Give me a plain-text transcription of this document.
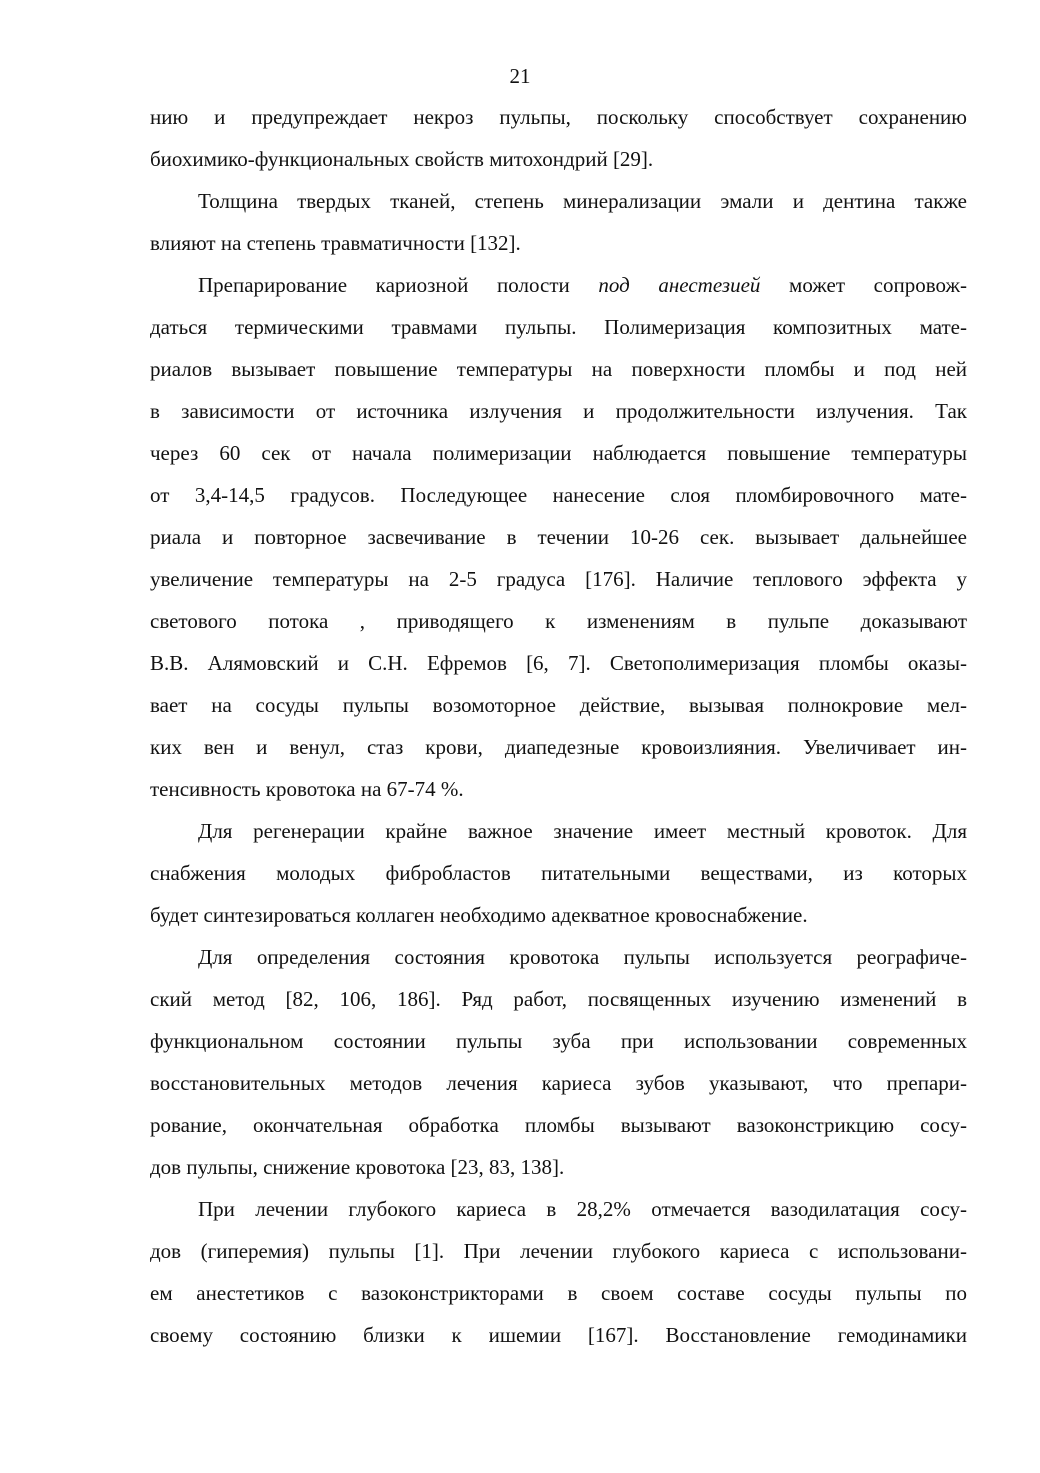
21
нию и предупреждает некроз пульпы, поскольку способствует сохранению
биохимико-функциональных свойств митохондрий [29].
Толщина твердых тканей, степень минерализации эмали и дентина также
влияют на степень травматичности [132].
Препарирование кариозной полости под анестезией может сопровож-
даться термическими травмами пульпы. Полимеризация композитных мате-
риалов вызывает повышение температуры на поверхности пломбы и под ней
в зависимости от источника излучения и продолжительности излучения. Так
через 60 сек от начала полимеризации наблюдается повышение температуры
от 3,4-14,5 градусов. Последующее нанесение слоя пломбировочного мате-
риала и повторное засвечивание в течении 10-26 сек. вызывает дальнейшее
увеличение температуры на 2-5 градуса [176]. Наличие теплового эффекта у
светового потока , приводящего к изменениям в пульпе доказывают
В.В. Алямовский и С.Н. Ефремов [6, 7]. Светополимеризация пломбы оказы-
вает на сосуды пульпы возомоторное действие, вызывая полнокровие мел-
ких вен и венул, стаз крови, диапедезные кровоизлияния. Увеличивает ин-
тенсивность кровотока на 67-74 %.
Для регенерации крайне важное значение имеет местный кровоток. Для
снабжения молодых фибробластов питательными веществами, из которых
будет синтезироваться коллаген необходимо адекватное кровоснабжение.
Для определения состояния кровотока пульпы используется реографиче-
ский метод [82, 106, 186]. Ряд работ, посвященных изучению изменений в
функциональном состоянии пульпы зуба при использовании современных
восстановительных методов лечения кариеса зубов указывают, что препари-
рование, окончательная обработка пломбы вызывают вазоконстрикцию сосу-
дов пульпы, снижение кровотока [23, 83, 138].
При лечении глубокого кариеса в 28,2% отмечается вазодилатация сосу-
дов (гиперемия) пульпы [1]. При лечении глубокого кариеса с использовани-
ем анестетиков с вазоконстрикторами в своем составе сосуды пульпы по
своему состоянию близки к ишемии [167]. Восстановление гемодинамики
